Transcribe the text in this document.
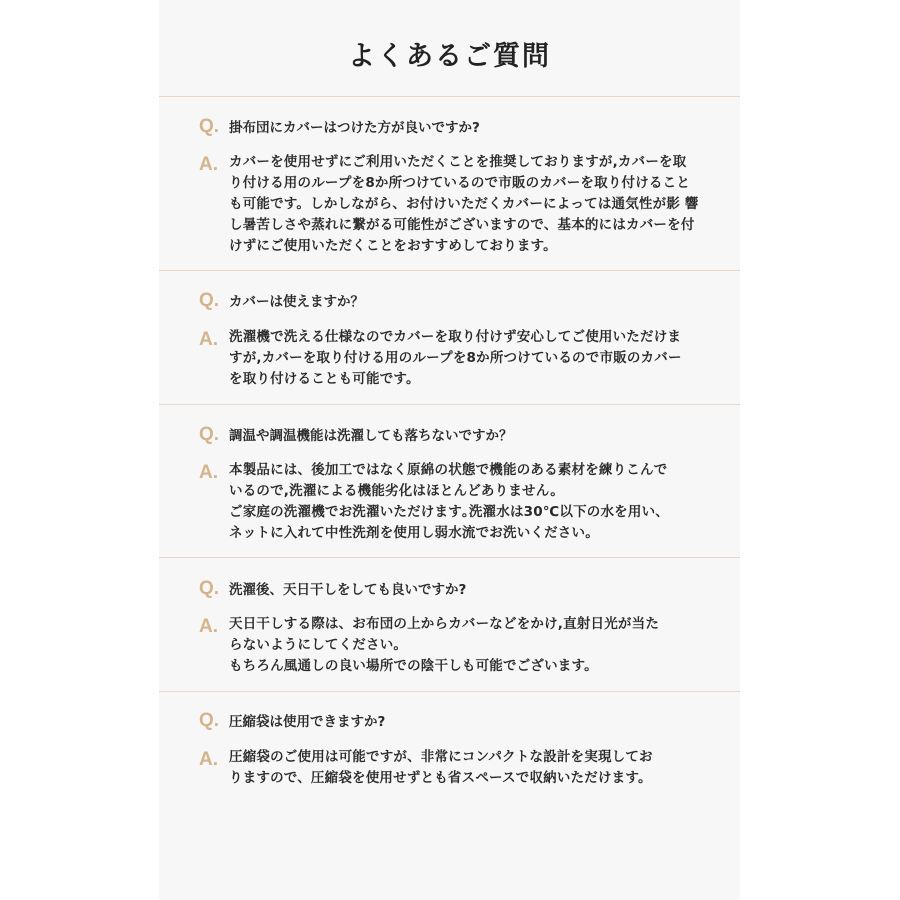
よくあるご質問
Q. 掛布団にカバーはつけた方が良いですか?
A. カバーを使用せずにご利用いただくことを推奨しておりますが,カバーを取
り付ける用のループを8か所つけているので市販のカバーを取り付けること
も可能です。しかしながら、お付けいただくカバーによっては通気性が影 響
し暑苦しさや蒸れに繋がる可能性がございますので、基本的にはカバーを付
けずにご使用いただくことをおすすめしております。
Q. カバーは使えますか？
A. 洗濯機で洗える仕様なのでカバーを取り付けず安心してご使用いただけま
すが,カバーを取り付ける用のループを8か所つけているので市販のカバー
を取り付けることも可能です。
Q. 調温や調温機能は洗濯しても落ちないですか？
A. 本製品には、後加工ではなく原綿の状態で機能のある素材を練りこんで
いるので,洗濯による機能劣化はほとんどありません。
ご家庭の洗濯機でお洗濯いただけます｡洗濯水は30℃以下の水を用い、
ネットに入れて中性洗剤を使用し弱水流でお洗いください。
Q. 洗濯後、天日干しをしても良いですか?
A. 天日干しする際は、お布団の上からカバーなどをかけ,直射日光が当た
らないようにしてください。
もちろん風通しの良い場所での陰干しも可能でございます。
Q. 圧縮袋は使用できますか?
A. 圧縮袋のご使用は可能ですが、非常にコンパクトな設計を実現してお
りますので、圧縮袋を使用せずとも省スペースで収納いただけます。
